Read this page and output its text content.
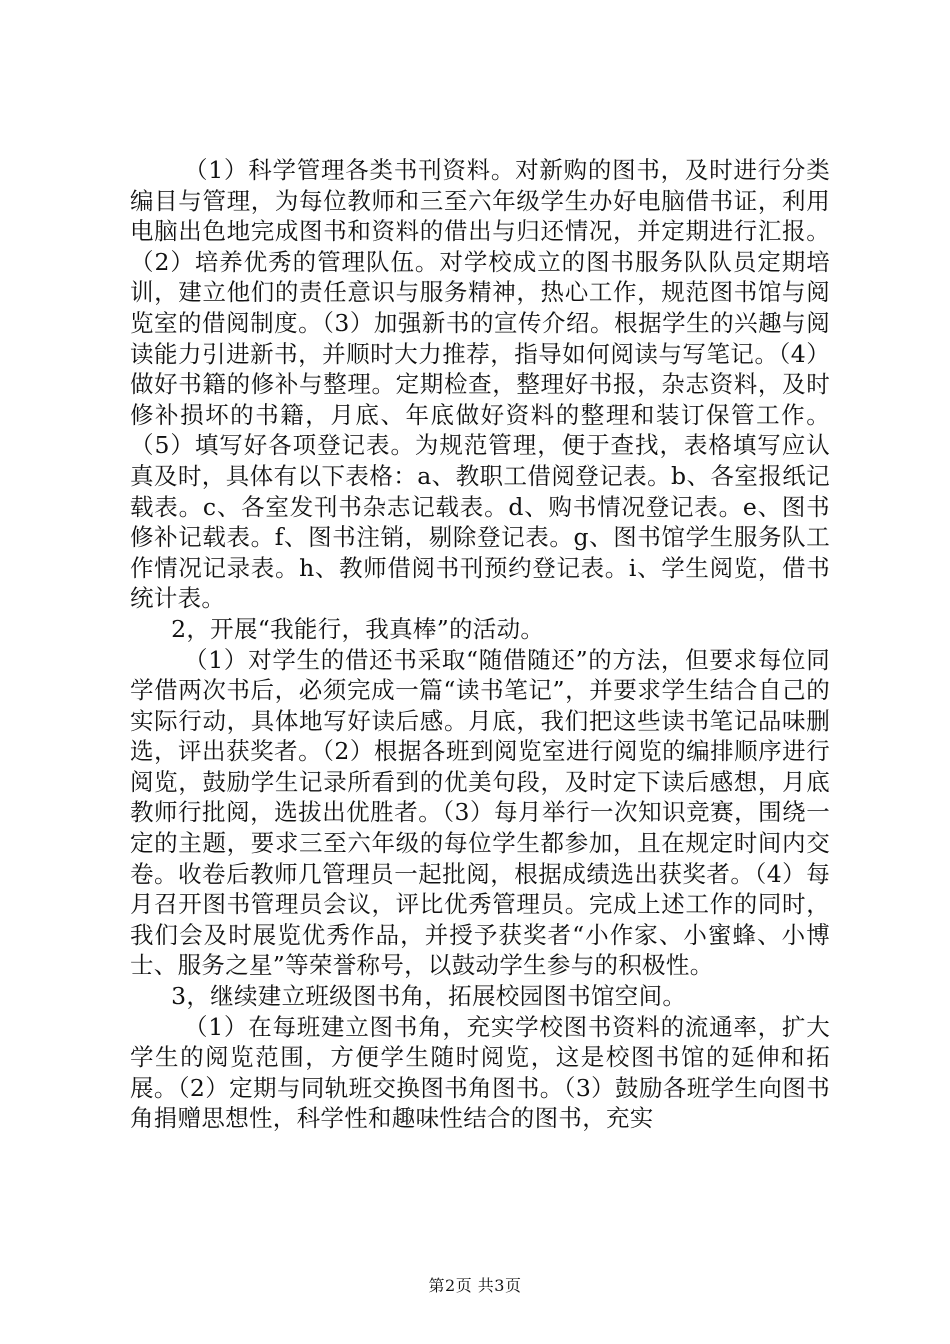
（1）科学管理各类书刊资料。对新购的图书，及时进行分类编目与管理，为每位教师和三至六年级学生办好电脑借书证，利用电脑出色地完成图书和资料的借出与归还情况，并定期进行汇报。（2）培养优秀的管理队伍。对学校成立的图书服务队队员定期培训，建立他们的责任意识与服务精神，热心工作，规范图书馆与阅览室的借阅制度。（3）加强新书的宣传介绍。根据学生的兴趣与阅读能力引进新书，并顺时大力推荐，指导如何阅读与写笔记。（4）做好书籍的修补与整理。定期检查，整理好书报，杂志资料，及时修补损坏的书籍，月底、年底做好资料的整理和装订保管工作。（5）填写好各项登记表。为规范管理，便于查找，表格填写应认真及时，具体有以下表格：a、教职工借阅登记表。b、各室报纸记载表。c、各室发刊书杂志记载表。d、购书情况登记表。e、图书修补记载表。f、图书注销，剔除登记表。g、图书馆学生服务队工作情况记录表。h、教师借阅书刊预约登记表。i、学生阅览，借书统计表。

2，开展“我能行，我真棒”的活动。

（1）对学生的借还书采取“随借随还”的方法，但要求每位同学借两次书后，必须完成一篇“读书笔记”，并要求学生结合自己的实际行动，具体地写好读后感。月底，我们把这些读书笔记品味删选，评出获奖者。（2）根据各班到阅览室进行阅览的编排顺序进行阅览，鼓励学生记录所看到的优美句段，及时定下读后感想，月底教师行批阅，选拔出优胜者。（3）每月举行一次知识竞赛，围绕一定的主题，要求三至六年级的每位学生都参加，且在规定时间内交卷。收卷后教师几管理员一起批阅，根据成绩选出获奖者。（4）每月召开图书管理员会议，评比优秀管理员。完成上述工作的同时，我们会及时展览优秀作品，并授予获奖者“小作家、小蜜蜂、小博士、服务之星”等荣誉称号，以鼓动学生参与的积极性。

3，继续建立班级图书角，拓展校园图书馆空间。

（1）在每班建立图书角，充实学校图书资料的流通率，扩大学生的阅览范围，方便学生随时阅览，这是校图书馆的延伸和拓展。（2）定期与同轨班交换图书角图书。（3）鼓励各班学生向图书角捐赠思想性，科学性和趣味性结合的图书，充实

第2页 共3页
